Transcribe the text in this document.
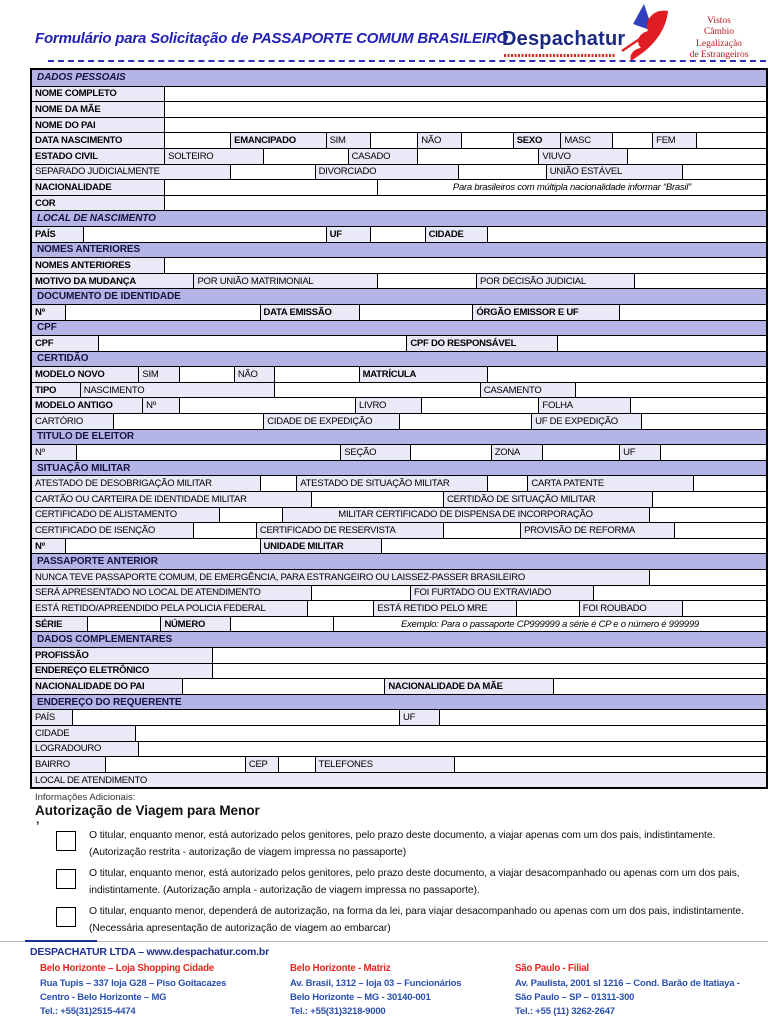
Formulário para Solicitação de PASSAPORTE COMUM BRASILEIRO
Despachatur
Vistos
Câmbio
Legalização
de Estrangeiros
DADOS PESSOAIS
NOME COMPLETO
NOME DA MÃE
NOME DO PAI
DATA NASCIMENTO	EMANCIPADO	SIM	NÃO	SEXO	MASC	FEM
ESTADO CIVIL	SOLTEIRO	CASADO	VIUVO
SEPARADO JUDICIALMENTE	DIVORCIADO	UNIÃO ESTÁVEL
NACIONALIDADE	Para brasileiros com múltipla nacionalidade informar “Brasil”
COR
LOCAL DE NASCIMENTO
PAÍS	UF	CIDADE
NOMES ANTERIORES
NOMES ANTERIORES
MOTIVO DA MUDANÇA	POR UNIÃO MATRIMONIAL	POR DECISÃO JUDICIAL
DOCUMENTO DE IDENTIDADE
Nº	DATA EMISSÃO	ÓRGÃO EMISSOR E UF
CPF
CPF	CPF DO RESPONSÁVEL
CERTIDÃO
MODELO NOVO	SIM	NÃO	MATRÍCULA
TIPO	NASCIMENTO	CASAMENTO
MODELO ANTIGO	Nº	LIVRO	FOLHA
CARTÓRIO	CIDADE DE EXPEDIÇÃO	UF DE EXPEDIÇÃO
TITULO DE ELEITOR
Nº	SEÇÃO	ZONA	UF
SITUAÇÃO MILITAR
ATESTADO DE DESOBRIGAÇÃO MILITAR	ATESTADO DE SITUAÇÃO MILITAR	CARTA PATENTE
CARTÃO OU CARTEIRA DE IDENTIDADE MILITAR	CERTIDÃO DE SITUAÇÃO MILITAR
CERTIFICADO DE ALISTAMENTO	MILITAR CERTIFICADO DE DISPENSA DE INCORPORAÇÃO
CERTIFICADO DE ISENÇÃO	CERTIFICADO DE RESERVISTA	PROVISÃO DE REFORMA
Nº	UNIDADE MILITAR
PASSAPORTE ANTERIOR
NUNCA TEVE PASSAPORTE COMUM, DE EMERGÊNCIA, PARA ESTRANGEIRO OU LAISSEZ-PASSER BRASILEIRO
SERÁ APRESENTADO NO LOCAL DE ATENDIMENTO	FOI FURTADO OU EXTRAVIADO
ESTÁ RETIDO/APREENDIDO PELA POLICIA FEDERAL	ESTÁ RETIDO PELO MRE	FOI ROUBADO
SÉRIE	NÚMERO	Exemplo: Para o passaporte CP999999 a série é CP e o número é 999999
DADOS COMPLEMENTARES
PROFISSÃO
ENDEREÇO ELETRÔNICO
NACIONALIDADE DO PAI	NACIONALIDADE DA MÃE
ENDEREÇO DO REQUERENTE
PAÍS	UF
CIDADE
LOGRADOURO
BAIRRO	CEP	TELEFONES
LOCAL DE ATENDIMENTO
Informações Adicionais:
Autorização de Viagem para Menor
’
O titular, enquanto menor, está autorizado pelos genitores, pelo prazo deste documento, a viajar apenas com um dos pais, indistintamente. (Autorização restrita - autorização de viagem impressa no passaporte)
O titular, enquanto menor, está autorizado pelos genitores, pelo prazo deste documento, a viajar desacompanhado ou apenas com um dos pais, indistintamente. (Autorização ampla - autorização de viagem impressa no passaporte).
O titular, enquanto menor, dependerá de autorização, na forma da lei, para viajar desacompanhado ou apenas com um dos pais, indistintamente. (Necessária apresentação de autorização de viagem ao embarcar)
DESPACHATUR LTDA – www.despachatur.com.br
Belo Horizonte – Loja Shopping Cidade
Rua Tupis – 337 loja G28 – Piso Goitacazes
Centro - Belo Horizonte – MG
Tel.: +55(31)2515-4474
Belo Horizonte - Matriz
Av. Brasil, 1312 – loja 03 – Funcionários
Belo Horizonte – MG - 30140-001
Tel.: +55(31)3218-9000
São Paulo - Filial
Av. Paulista, 2001 sl 1216 – Cond. Barão de Itatiaya - São Paulo – SP – 01311-300
Tel.: +55 (11) 3262-2647
